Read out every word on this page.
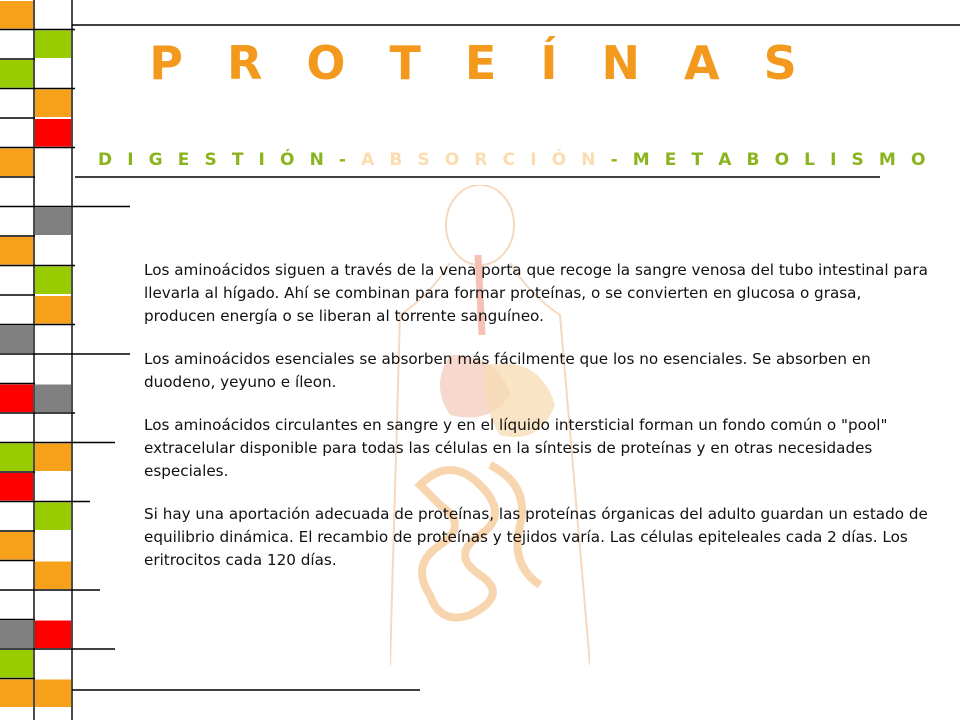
P R O T E Í N A S
D I G E S T I Ó N - A B S O R C I Ó N - M E T A B O L I S M O

Los aminoácidos siguen a través de la vena porta que recoge la sangre venosa del tubo intestinal para llevarla al hígado. Ahí se combinan para formar proteínas, o se convierten en glucosa o grasa, producen energía o se liberan al torrente sanguíneo.

Los aminoácidos esenciales se absorben más fácilmente que los no esenciales. Se absorben en duodeno, yeyuno e íleon.

Los aminoácidos circulantes en sangre y en el líquido intersticial forman un fondo común o "pool" extracelular disponible para todas las células en la síntesis de proteínas y en otras necesidades especiales.

Si hay una aportación adecuada de proteínas, las proteínas órganicas del adulto guardan un estado de equilibrio dinámica. El recambio de proteínas y tejidos varía. Las células epiteleales cada 2 días. Los eritrocitos cada 120 días.
